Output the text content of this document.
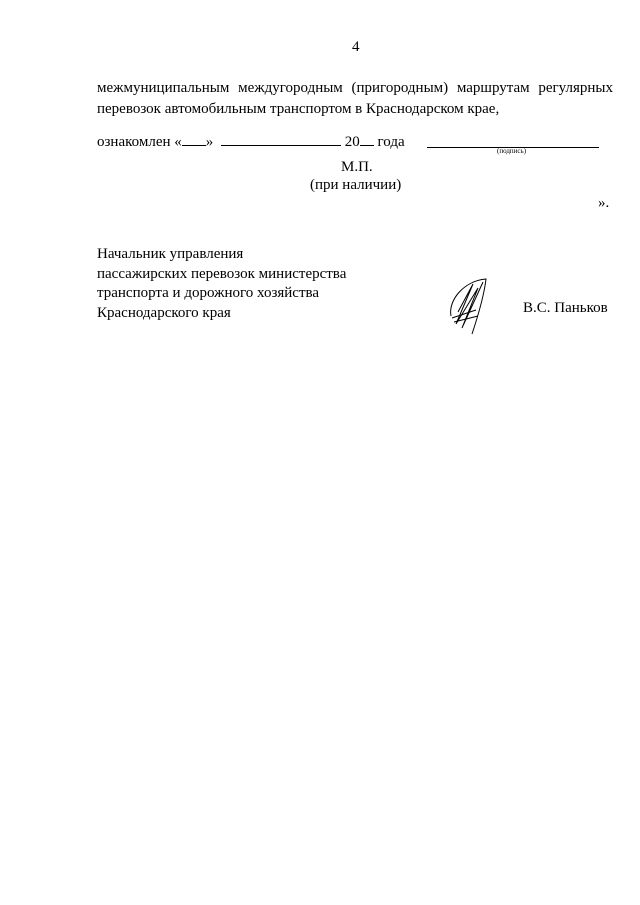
4
межмуниципальным междугородным (пригородным) маршрутам регулярных
перевозок автомобильным транспортом в Краснодарском крае,
ознакомлен « »	20 года
(подпись)
М.П.
(при наличии)
».
Начальник управления
пассажирских перевозок министерства
транспорта и дорожного хозяйства
Краснодарского края	В.С. Паньков
